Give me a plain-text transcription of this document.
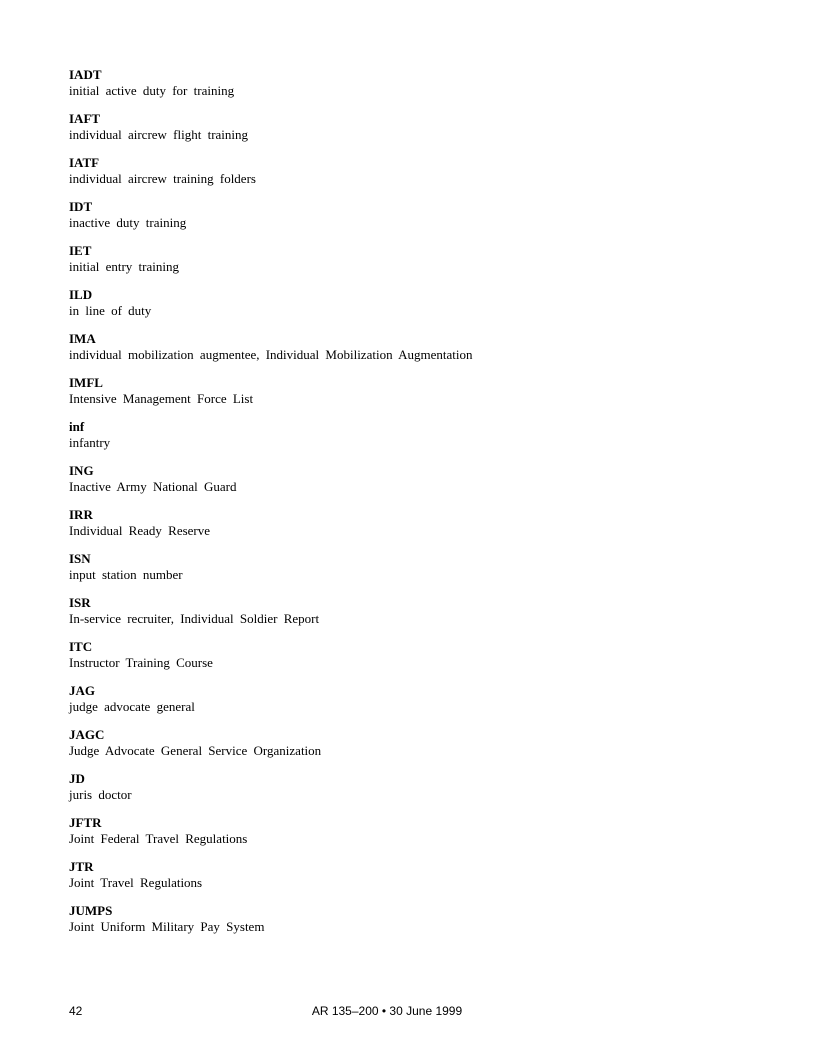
IADT
initial active duty for training
IAFT
individual aircrew flight training
IATF
individual aircrew training folders
IDT
inactive duty training
IET
initial entry training
ILD
in line of duty
IMA
individual mobilization augmentee, Individual Mobilization Augmentation
IMFL
Intensive Management Force List
inf
infantry
ING
Inactive Army National Guard
IRR
Individual Ready Reserve
ISN
input station number
ISR
In-service recruiter, Individual Soldier Report
ITC
Instructor Training Course
JAG
judge advocate general
JAGC
Judge Advocate General Service Organization
JD
juris doctor
JFTR
Joint Federal Travel Regulations
JTR
Joint Travel Regulations
JUMPS
Joint Uniform Military Pay System
42	AR 135–200 • 30 June 1999
